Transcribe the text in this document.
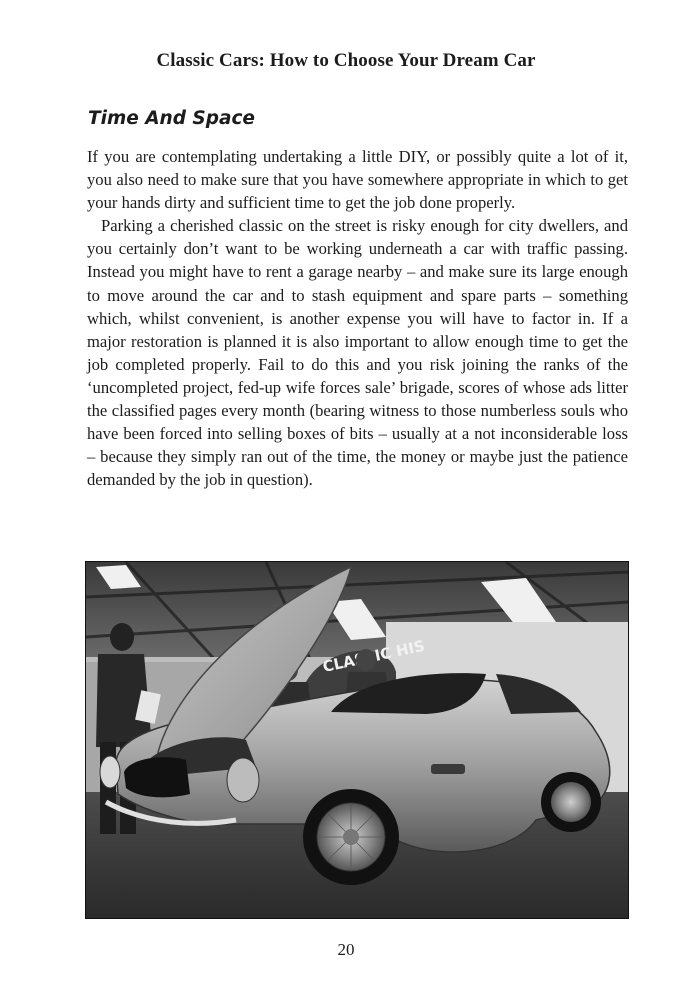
Classic Cars: How to Choose Your Dream Car
Time And Space

If you are contemplating undertaking a little DIY, or possibly quite a lot of it, you also need to make sure that you have somewhere appropriate in which to get your hands dirty and sufficient time to get the job done properly.

Parking a cherished classic on the street is risky enough for city dwellers, and you certainly don’t want to be working underneath a car with traffic passing. Instead you might have to rent a garage nearby – and make sure its large enough to move around the car and to stash equipment and spare parts – something which, whilst convenient, is another expense you will have to factor in. If a major restoration is planned it is also important to allow enough time to get the job completed properly. Fail to do this and you risk joining the ranks of the ‘uncompleted project, fed-up wife forces sale’ brigade, scores of whose ads litter the classified pages every month (bearing witness to those numberless souls who have been forced into selling boxes of bits – usually at a not inconsiderable loss – because they simply ran out of the time, the money or maybe just the patience demanded by the job in question).

HIS
20
